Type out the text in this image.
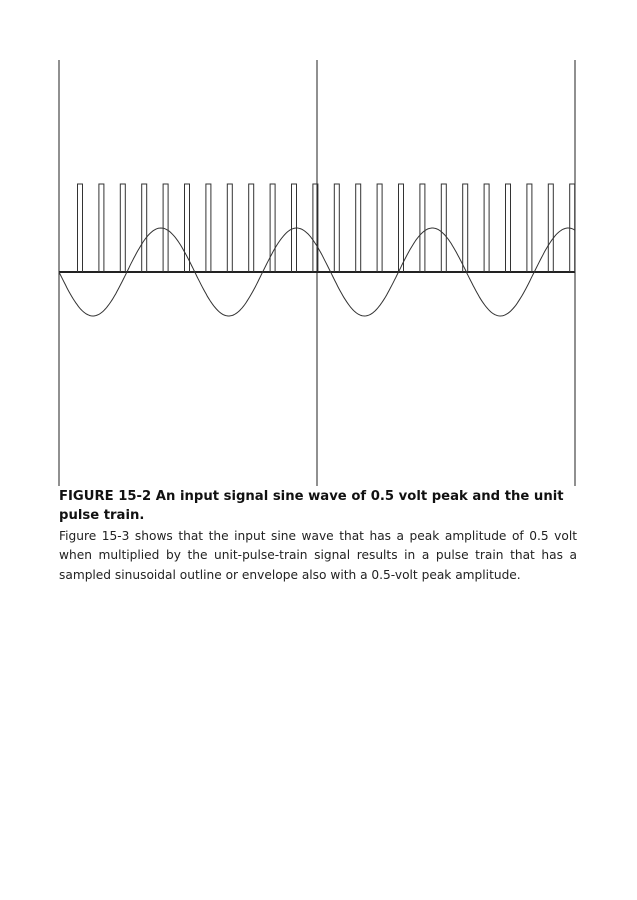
FIGURE 15-2 An input signal sine wave of 0.5 volt peak and the unit pulse train.

Figure 15-3 shows that the input sine wave that has a peak amplitude of 0.5 volt when multiplied by the unit-pulse-train signal results in a pulse train that has a sampled sinusoidal outline or envelope also with a 0.5-volt peak amplitude.
